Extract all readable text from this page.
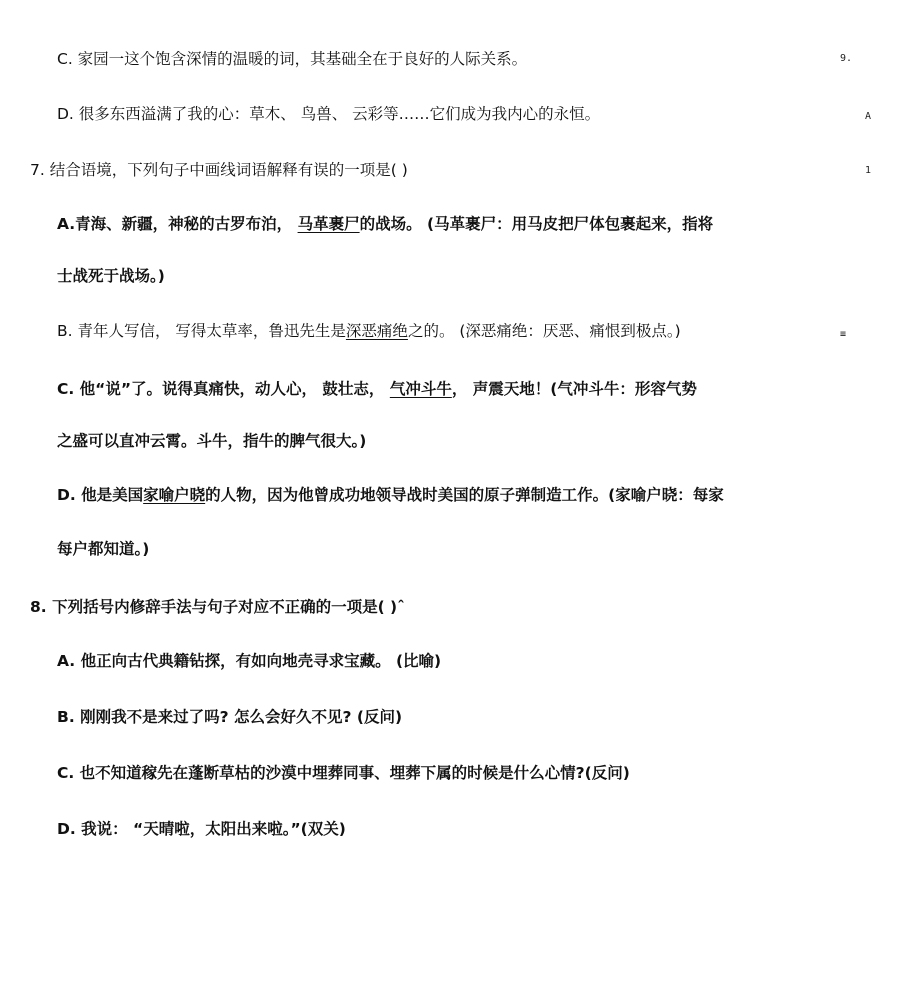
C. 家园一这个饱含深情的温暖的词，其基础全在于良好的人际关系。
D. 很多东西溢满了我的心：草木、 鸟兽、 云彩等……它们成为我内心的永恒。
7. 结合语境，下列句子中画线词语解释有误的一项是( )
A.青海、新疆，神秘的古罗布泊， 马革裹尸的战场。 (马革裹尸：用马皮把尸体包裹起来，指将
士战死于战场。)
B. 青年人写信， 写得太草率，鲁迅先生是深恶痛绝之的。 (深恶痛绝：厌恶、痛恨到极点。)
C. 他“说”了。说得真痛快，动人心， 鼓壮志， 气冲斗牛， 声震天地！(气冲斗牛：形容气势
之盛可以直冲云霄。斗牛，指牛的脾气很大。)
D. 他是美国家喻户晓的人物，因为他曾成功地领导战时美国的原子弹制造工作。(家喻户晓：每家
每户都知道。)
8. 下列括号内修辞手法与句子对应不正确的一项是( )ˆ
A. 他正向古代典籍钻探，有如向地壳寻求宝藏。 (比喻)
B. 刚刚我不是来过了吗? 怎么会好久不见? (反问)
C. 也不知道稼先在蓬断草枯的沙漠中埋葬同事、埋葬下属的时候是什么心情?(反问)
D. 我说： “天晴啦，太阳出来啦。”(双关)
9.
A
1
≡
